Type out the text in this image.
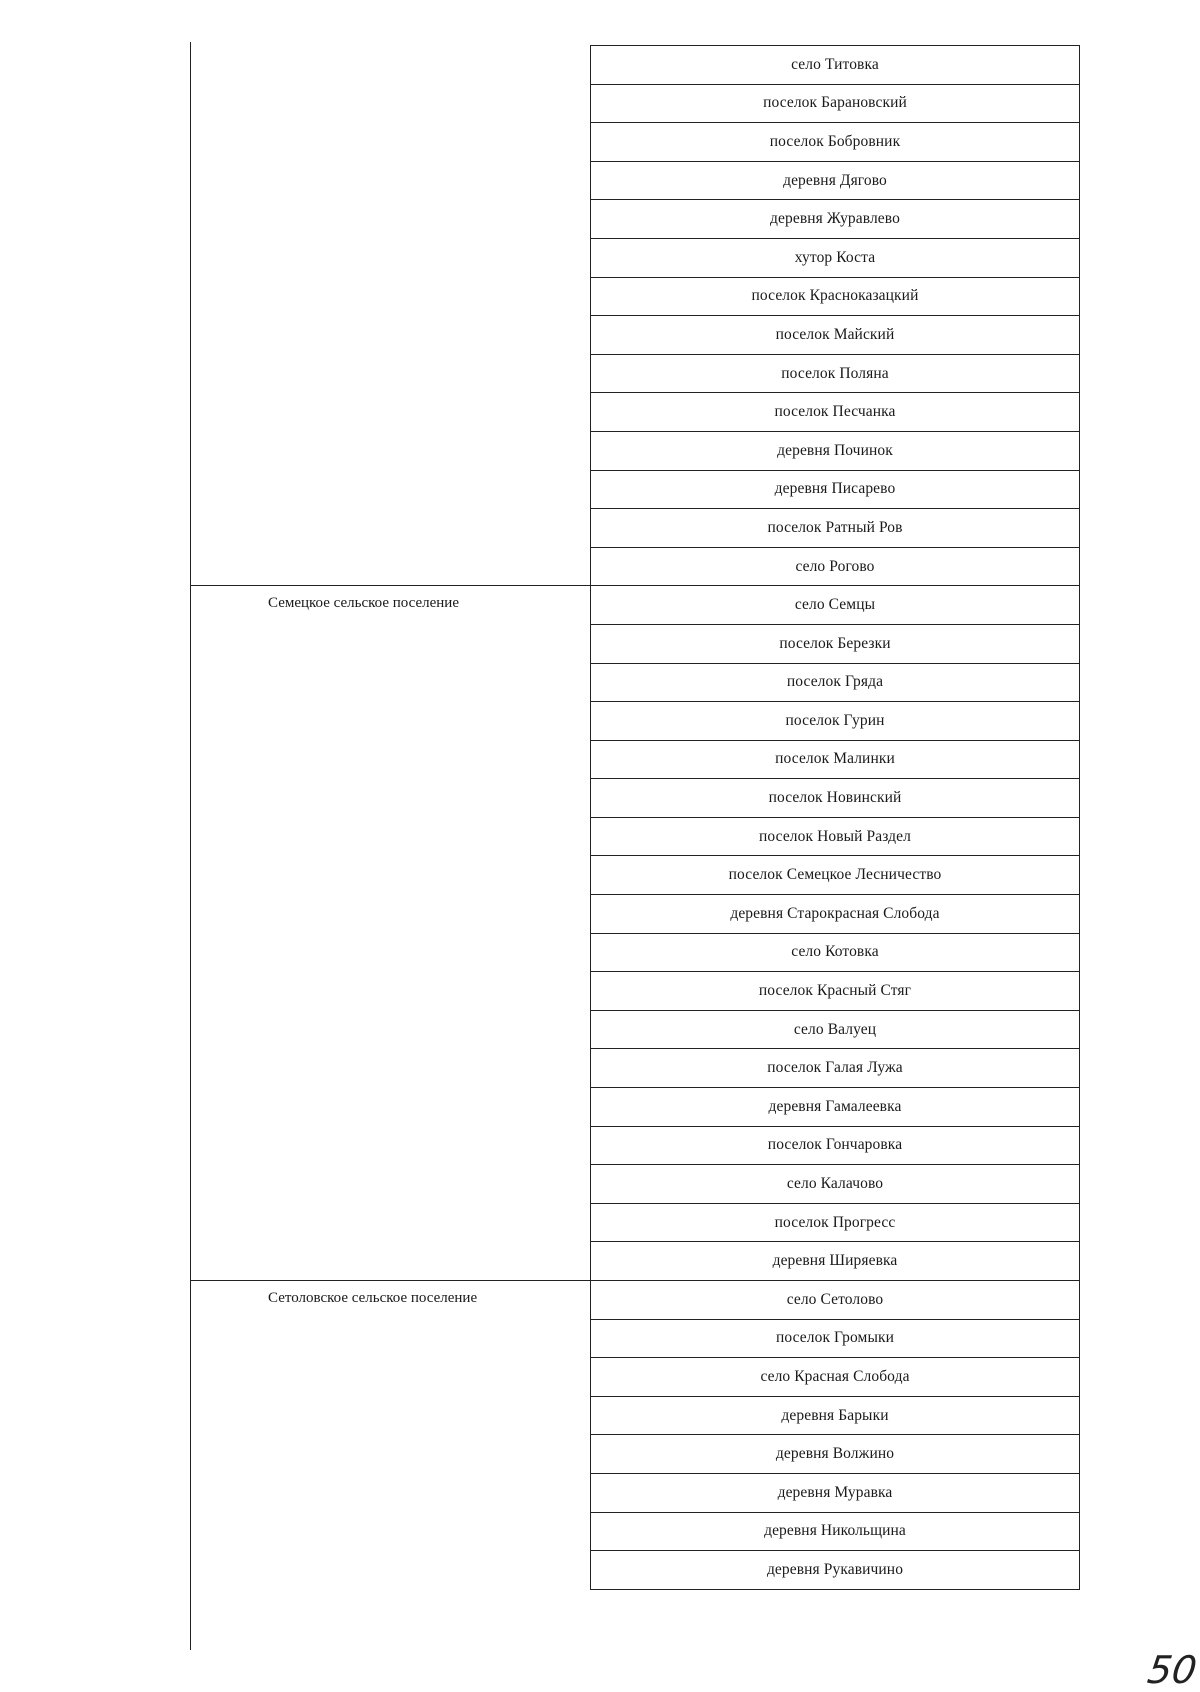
село Титовка
поселок Барановский
поселок Бобровник
деревня Дягово
деревня Журавлево
хутор Коста
поселок Красноказацкий
поселок Майский
поселок Поляна
поселок Песчанка
деревня Починок
деревня Писарево
поселок Ратный Ров
село Рогово
село Семцы
поселок Березки
поселок Гряда
поселок Гурин
поселок Малинки
поселок Новинский
поселок Новый Раздел
поселок Семецкое Лесничество
деревня Старокрасная Слобода
село Котовка
поселок Красный Стяг
село Валуец
поселок Галая Лужа
деревня Гамалеевка
поселок Гончаровка
село Калачово
поселок Прогресс
деревня Ширяевка
село Сетолово
поселок Громыки
село Красная Слобода
деревня Барыки
деревня Волжино
деревня Муравка
деревня Никольщина
деревня Рукавичино
Семецкое сельское поселение
Сетоловское сельское поселение
50
